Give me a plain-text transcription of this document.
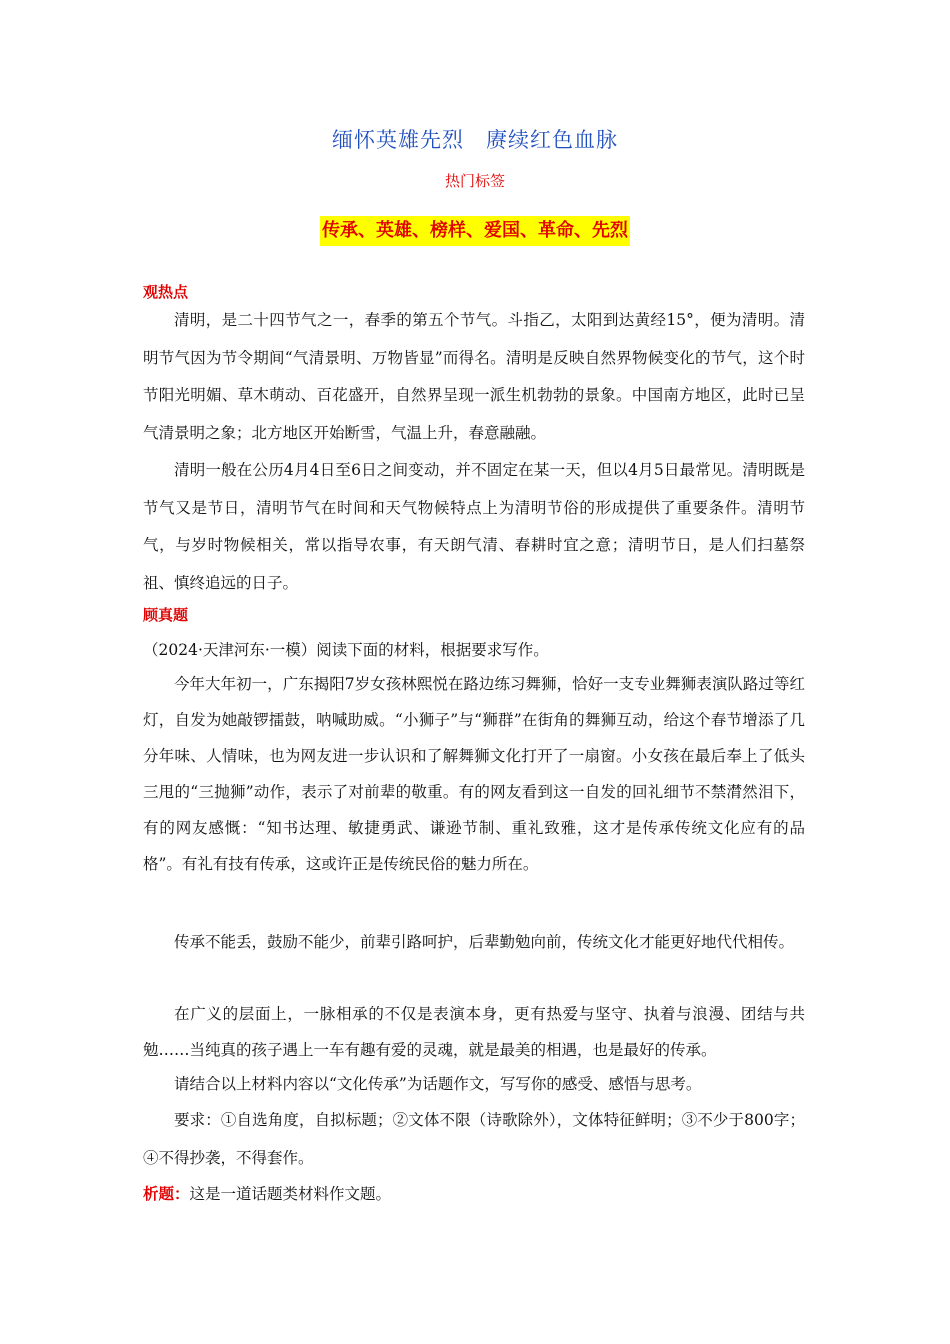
缅怀英雄先烈　赓续红色血脉
热门标签
传承、英雄、榜样、爱国、革命、先烈
观热点

清明，是二十四节气之一，春季的第五个节气。斗指乙，太阳到达黄经15°，便为清明。清明节气因为节令期间“气清景明、万物皆显”而得名。清明是反映自然界物候变化的节气，这个时节阳光明媚、草木萌动、百花盛开，自然界呈现一派生机勃勃的景象。中国南方地区，此时已呈气清景明之象；北方地区开始断雪，气温上升，春意融融。

清明一般在公历4月4日至6日之间变动，并不固定在某一天，但以4月5日最常见。清明既是节气又是节日，清明节气在时间和天气物候特点上为清明节俗的形成提供了重要条件。清明节气，与岁时物候相关，常以指导农事，有天朗气清、春耕时宜之意；清明节日，是人们扫墓祭祖、慎终追远的日子。

顾真题

（2024·天津河东·一模）阅读下面的材料，根据要求写作。

今年大年初一，广东揭阳7岁女孩林熙悦在路边练习舞狮，恰好一支专业舞狮表演队路过等红灯，自发为她敲锣擂鼓，呐喊助威。“小狮子”与“狮群”在街角的舞狮互动，给这个春节增添了几分年味、人情味，也为网友进一步认识和了解舞狮文化打开了一扇窗。小女孩在最后奉上了低头三甩的“三抛狮”动作，表示了对前辈的敬重。有的网友看到这一自发的回礼细节不禁潸然泪下，有的网友感慨：“知书达理、敏捷勇武、谦逊节制、重礼致雅，这才是传承传统文化应有的品格”。有礼有技有传承，这或许正是传统民俗的魅力所在。

传承不能丢，鼓励不能少，前辈引路呵护，后辈勤勉向前，传统文化才能更好地代代相传。

在广义的层面上，一脉相承的不仅是表演本身，更有热爱与坚守、执着与浪漫、团结与共勉……当纯真的孩子遇上一车有趣有爱的灵魂，就是最美的相遇，也是最好的传承。

请结合以上材料内容以“文化传承”为话题作文，写写你的感受、感悟与思考。

要求：①自选角度，自拟标题；②文体不限（诗歌除外），文体特征鲜明；③不少于800字；④不得抄袭，不得套作。

析题：这是一道话题类材料作文题。
